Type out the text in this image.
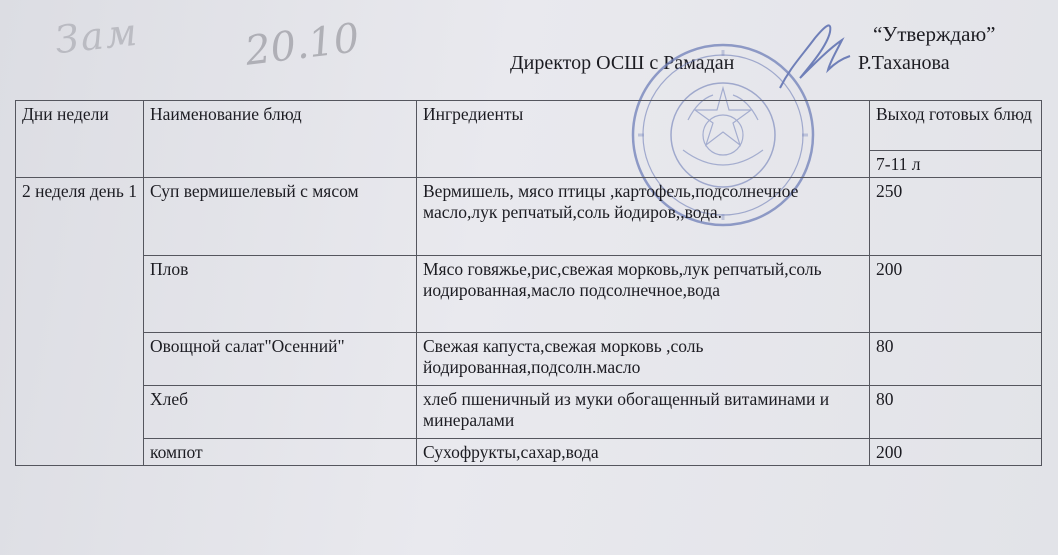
Зам	20.10	“Утверждаю”
Директор ОСШ с Рамадан	Р.Таханова
Дни недели	Наименование блюд	Ингредиенты	Выход готовых блюд
			7-11 л
2 неделя день 1	Суп вермишелевый с мясом	Вермишель, мясо птицы ,картофель,подсолнечное масло,лук репчатый,соль йодиров,,вода.	250
	Плов	Мясо говяжье,рис,свежая морковь,лук репчатый,соль иодированная,масло подсолнечное,вода	200
	Овощной салат"Осенний"	Свежая капуста,свежая морковь ,соль йодированная,подсолн.масло	80
	Хлеб	хлеб пшеничный из муки обогащенный витаминами и минералами	80
	компот	Сухофрукты,сахар,вода	200
